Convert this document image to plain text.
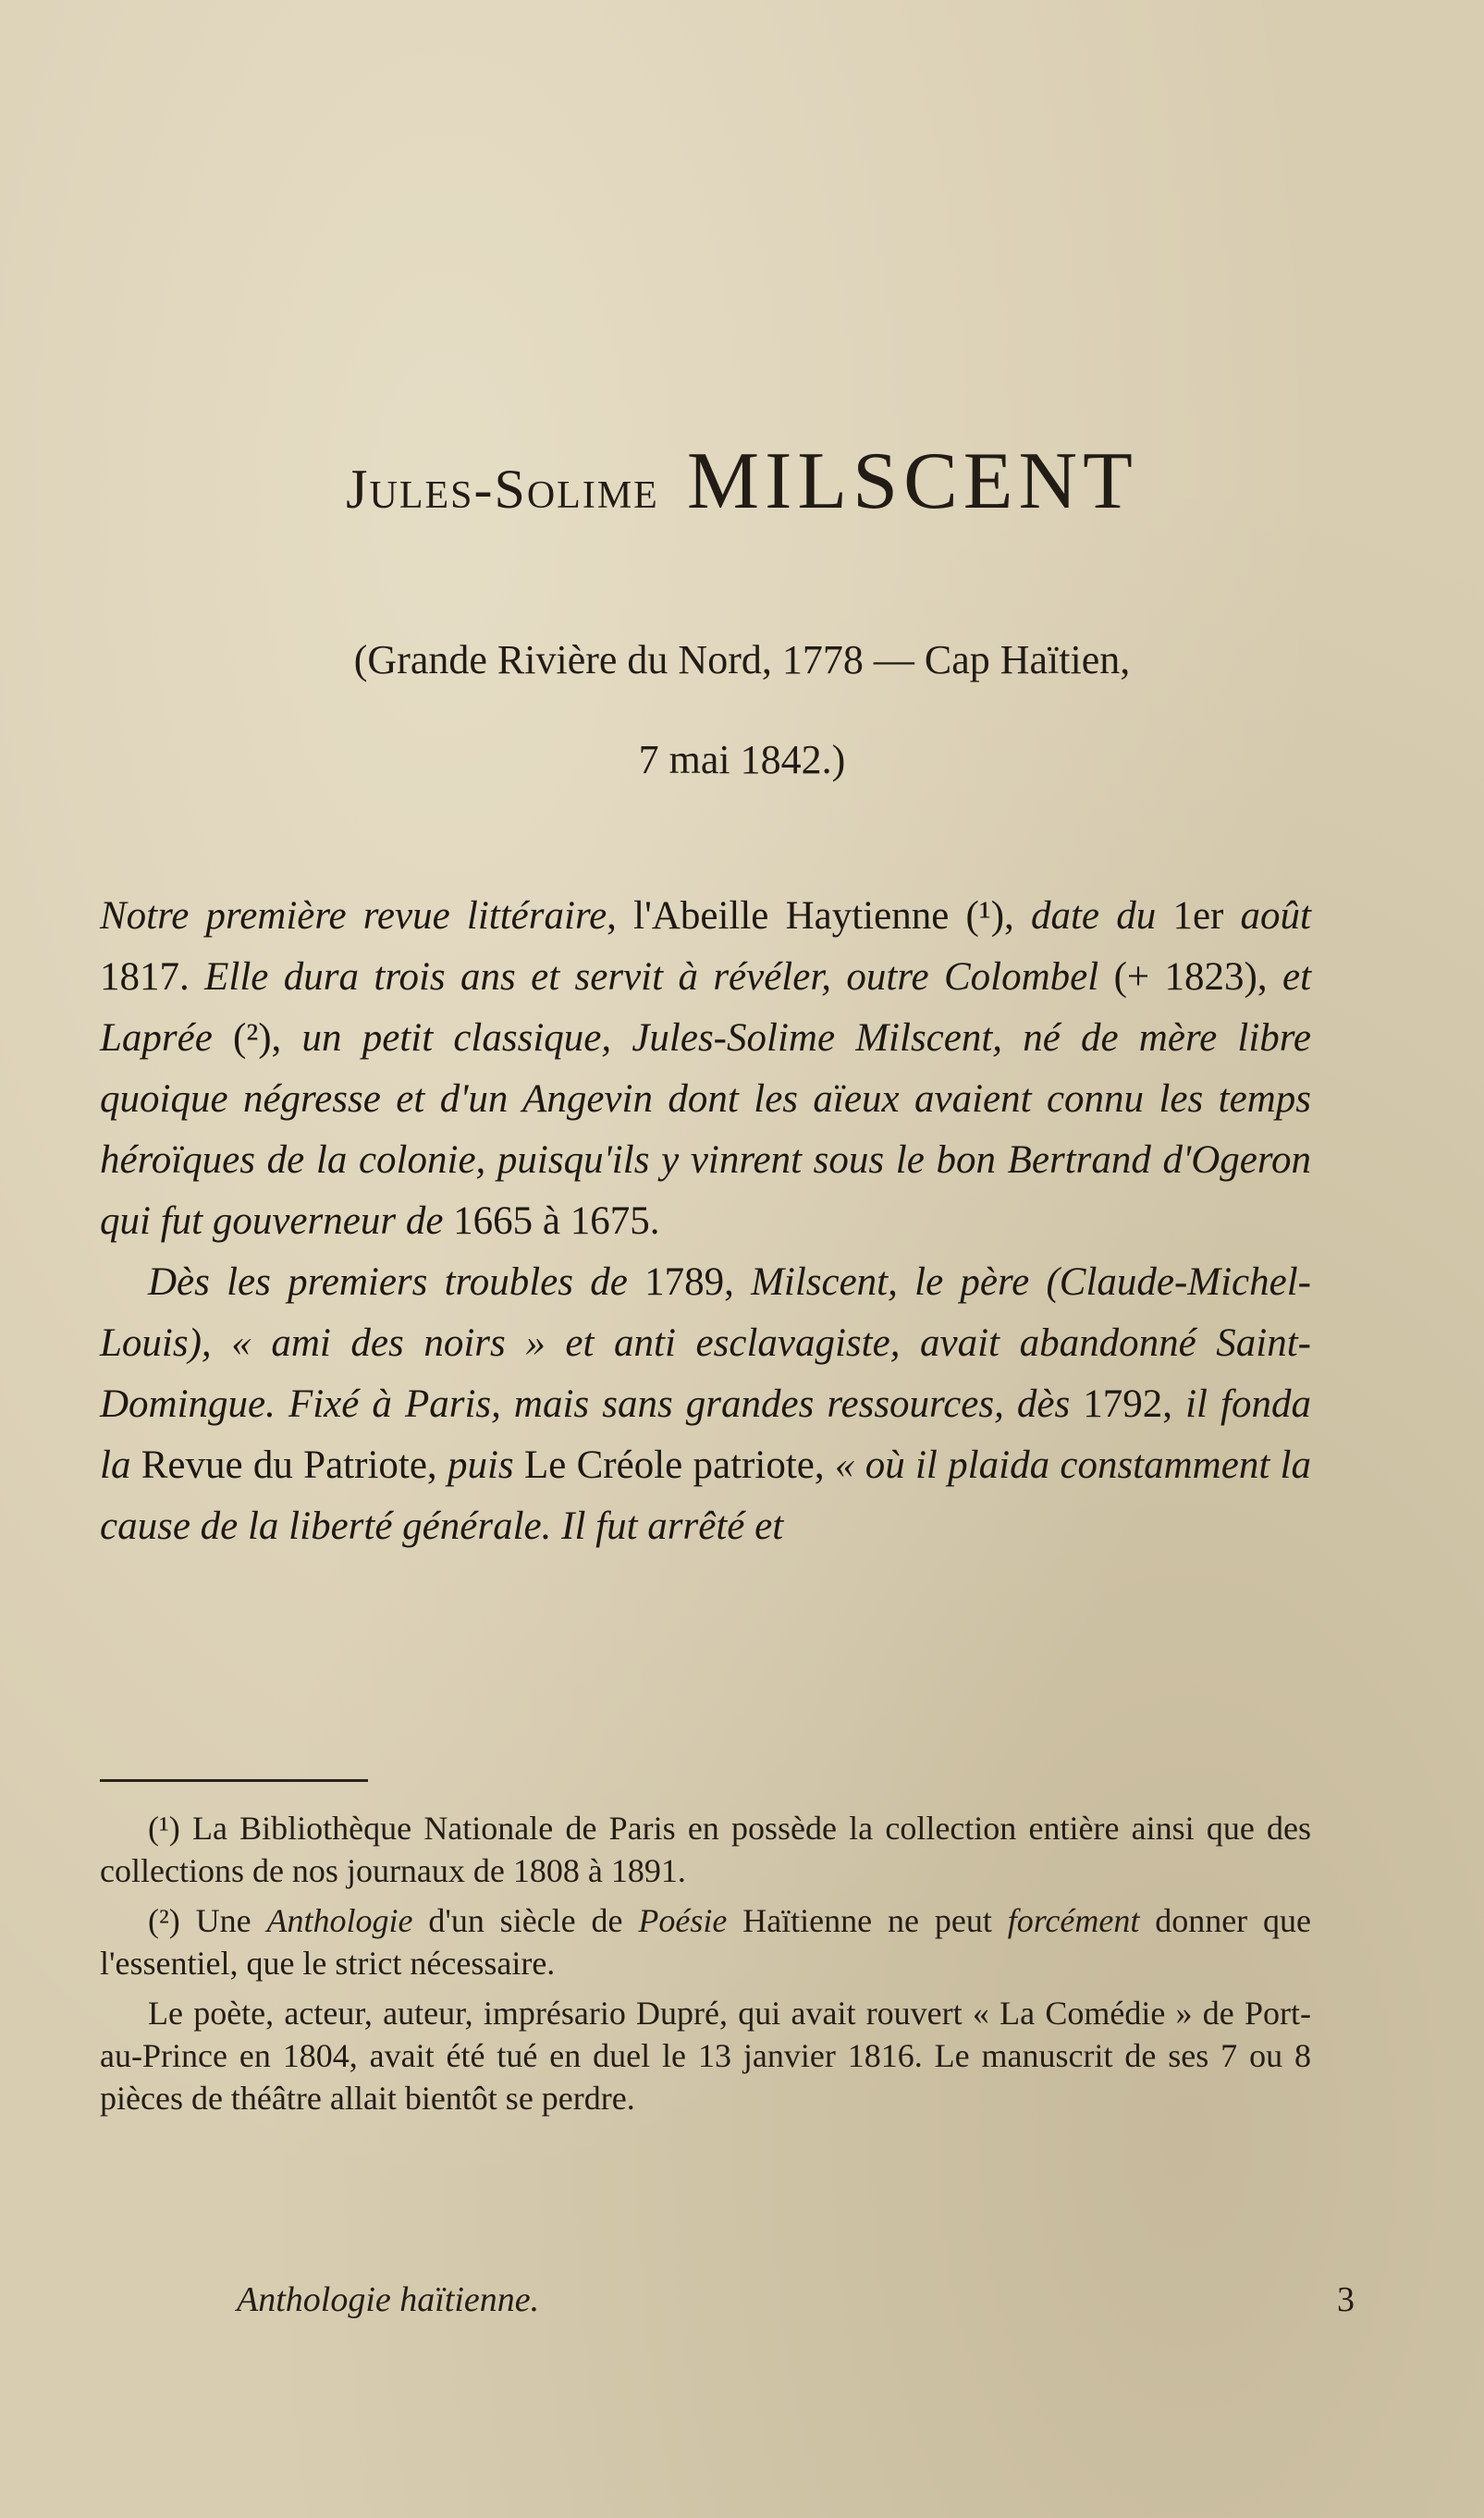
Jules-Solime MILSCENT
(Grande Rivière du Nord, 1778 — Cap Haïtien,
7 mai 1842.)

Notre première revue littéraire, l'Abeille Haytienne (¹), date du 1er août 1817. Elle dura trois ans et servit à révéler, outre Colombel (+ 1823), et Laprée (²), un petit classique, Jules-Solime Milscent, né de mère libre quoique négresse et d'un Angevin dont les aïeux avaient connu les temps héroïques de la colonie, puisqu'ils y vinrent sous le bon Bertrand d'Ogeron qui fut gouverneur de 1665 à 1675.

Dès les premiers troubles de 1789, Milscent, le père (Claude-Michel-Louis), « ami des noirs » et anti esclavagiste, avait abandonné Saint-Domingue. Fixé à Paris, mais sans grandes ressources, dès 1792, il fonda la Revue du Patriote, puis Le Créole patriote, « où il plaida constamment la cause de la liberté générale. Il fut arrêté et

(¹) La Bibliothèque Nationale de Paris en possède la collection entière ainsi que des collections de nos journaux de 1808 à 1891.

(²) Une Anthologie d'un siècle de Poésie Haïtienne ne peut forcément donner que l'essentiel, que le strict nécessaire.

Le poète, acteur, auteur, imprésario Dupré, qui avait rouvert « La Comédie » de Port-au-Prince en 1804, avait été tué en duel le 13 janvier 1816. Le manuscrit de ses 7 ou 8 pièces de théâtre allait bientôt se perdre.

Anthologie haïtienne.	3
